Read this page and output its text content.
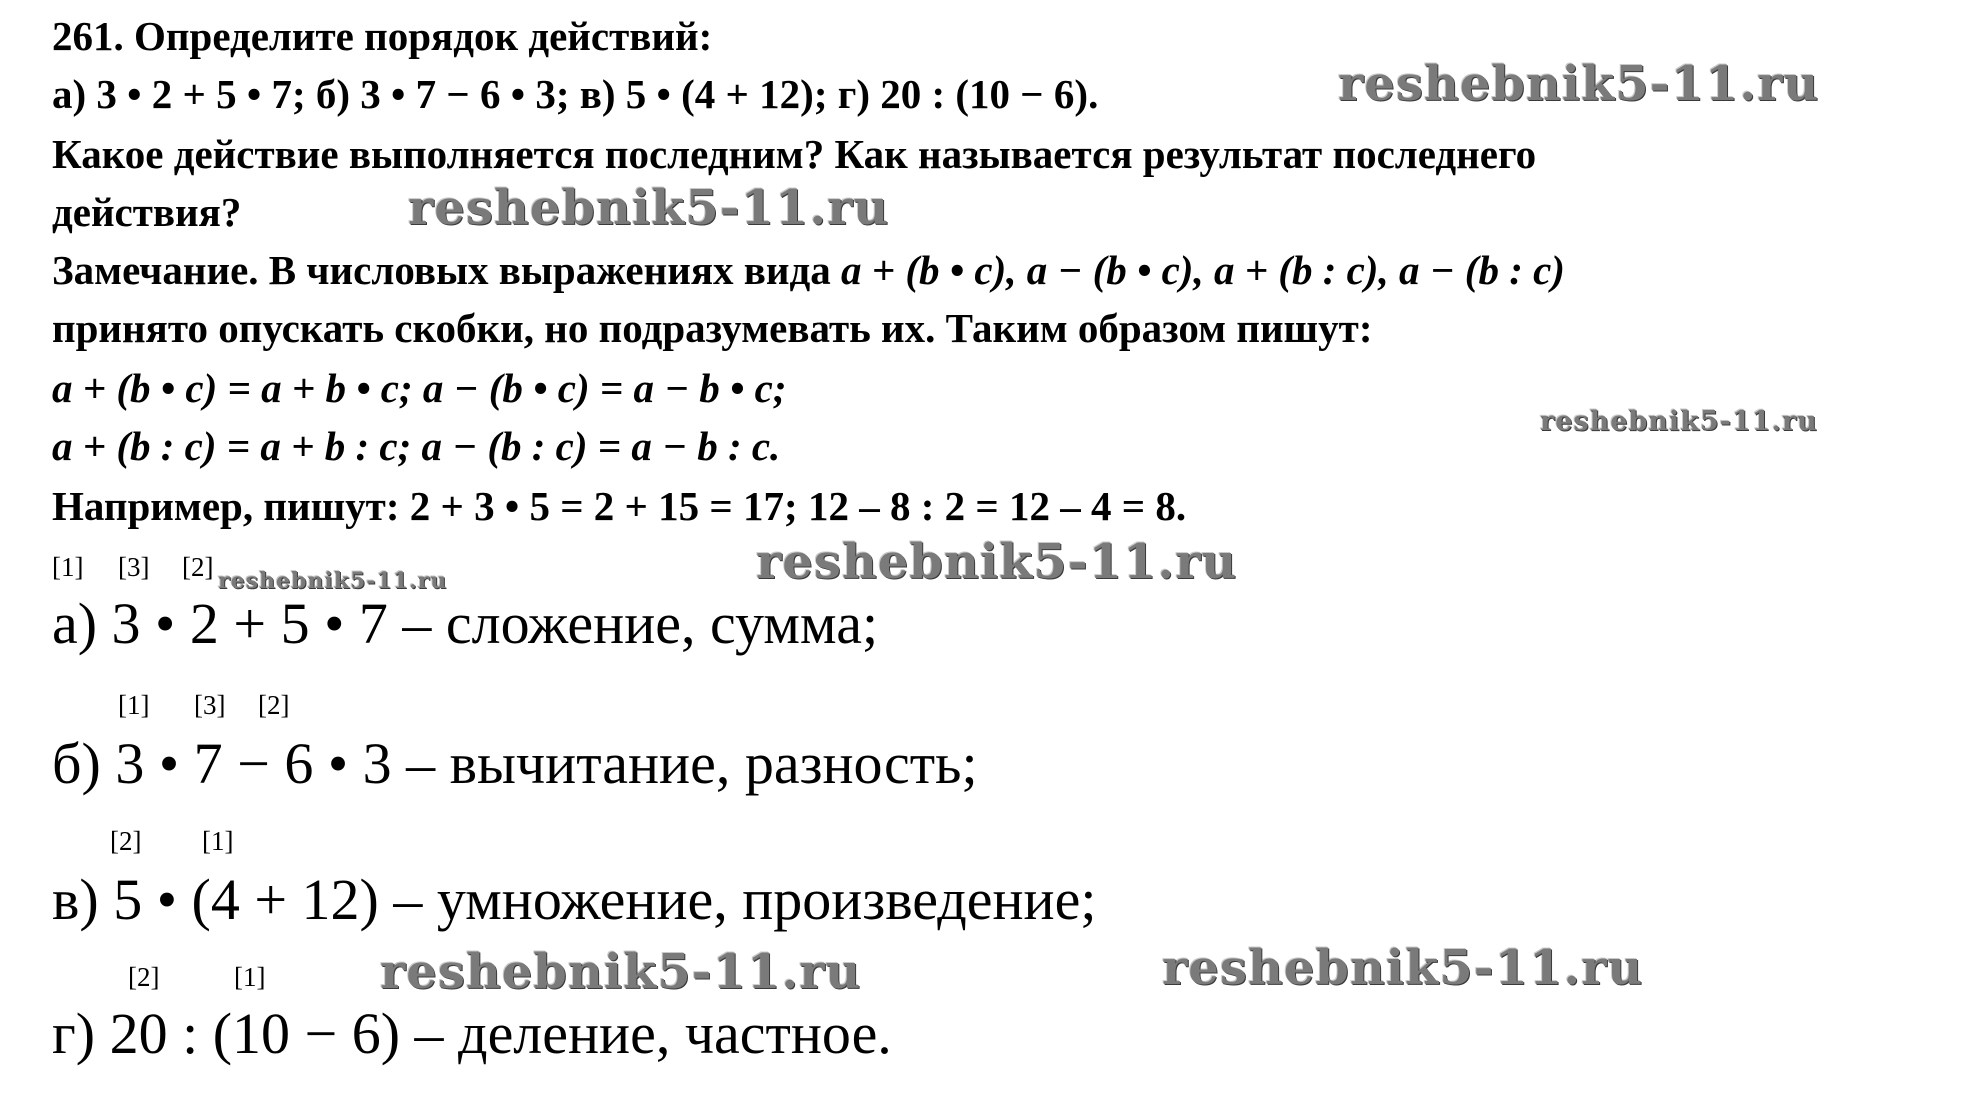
261. Определите порядок действий:
а) 3 • 2 + 5 • 7; б) 3 • 7 − 6 • 3; в) 5 • (4 + 12); г) 20 : (10 − 6).
Какое действие выполняется последним? Как называется результат последнего
действия?
Замечание. В числовых выражениях вида a + (b • c), a − (b • c), a + (b : c), a − (b : c)
принято опускать скобки, но подразумевать их. Таким образом пишут:
a + (b • c) = a + b • c; a − (b • c) = a − b • c;
a + (b : c) = a + b : c; a − (b : c) = a − b : c.
Например, пишут: 2 + 3 • 5 = 2 + 15 = 17; 12 – 8 : 2 = 12 – 4 = 8.
[1] [3] [2]
а) 3 • 2 + 5 • 7 – сложение, сумма;
[1] [3] [2]
б) 3 • 7 − 6 • 3 – вычитание, разность;
[2] [1]
в) 5 • (4 + 12) – умножение, произведение;
[2]	[1]
г) 20 : (10 − 6) – деление, частное.
reshebnik5-11.ru
reshebnik5-11.ru
reshebnik5-11.ru
reshebnik5-11.ru
reshebnik5-11.ru
reshebnik5-11.ru	reshebnik5-11.ru
